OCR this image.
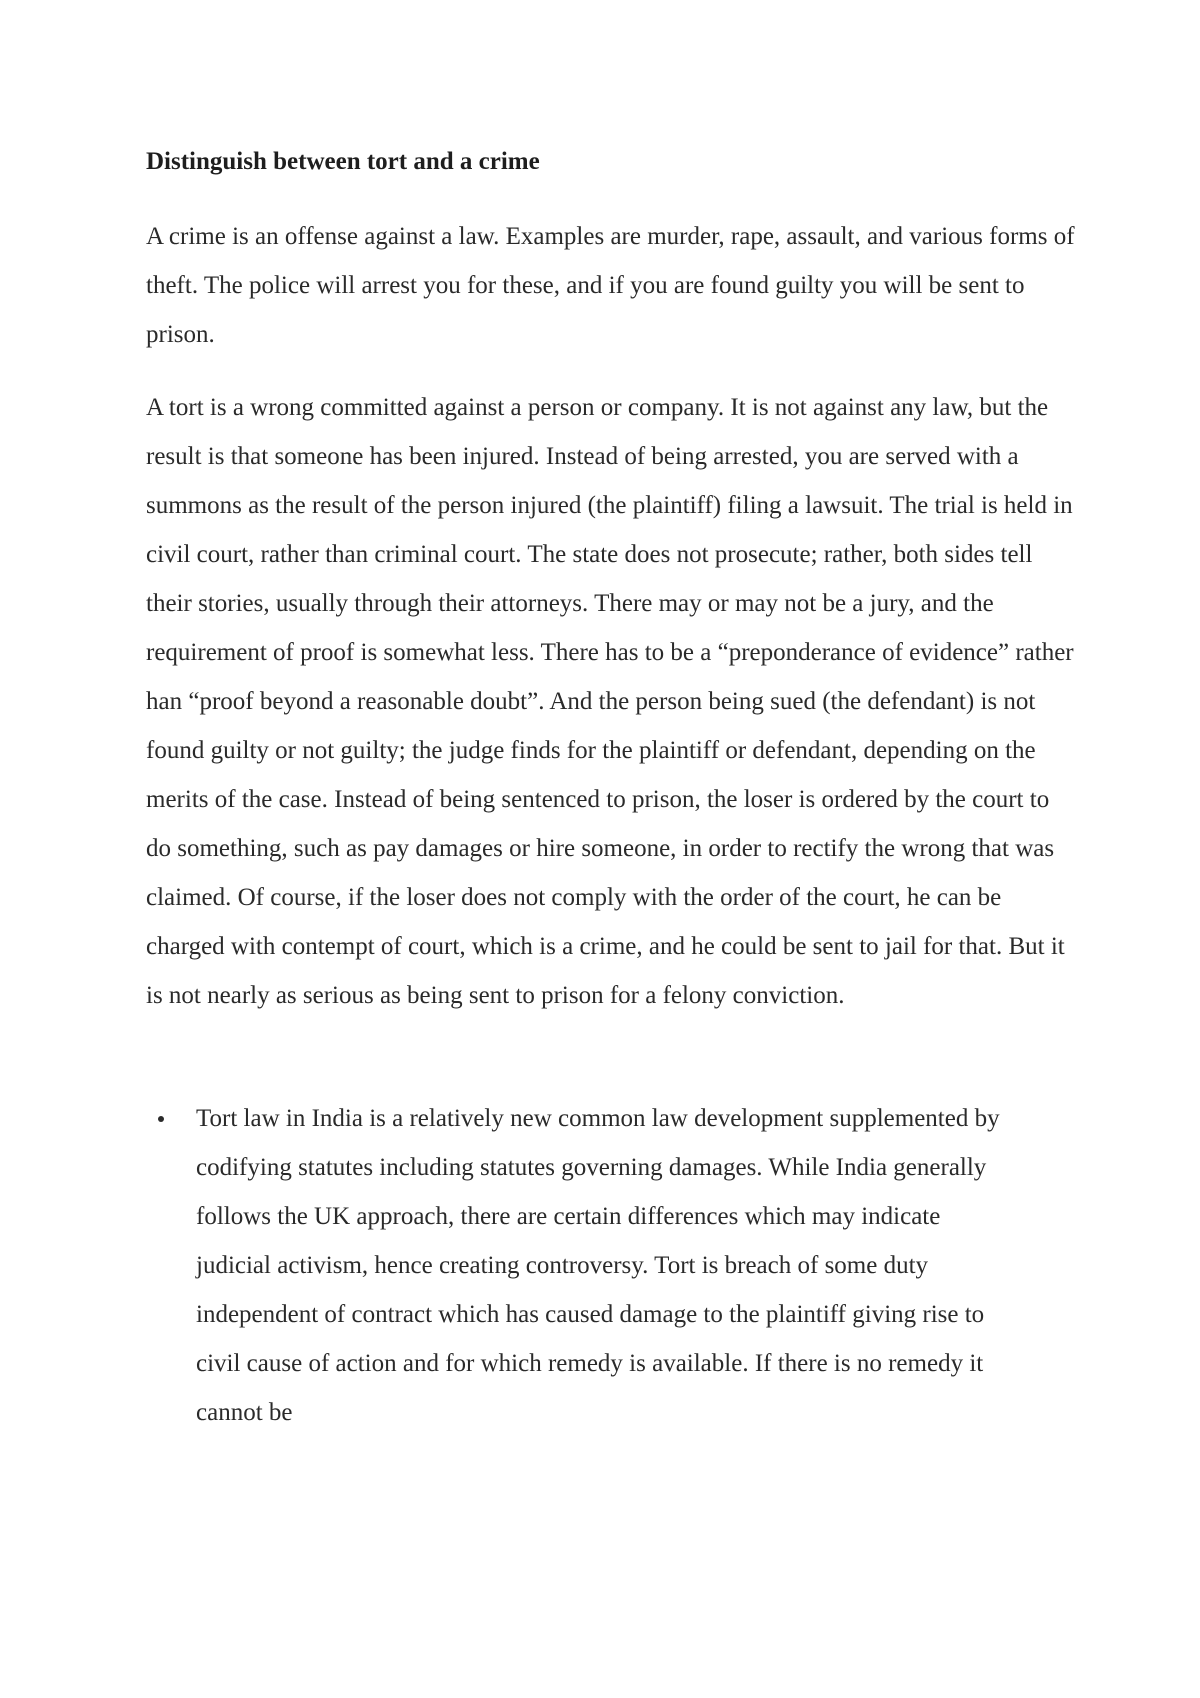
Distinguish between tort and a crime

A crime is an offense against a law. Examples are murder, rape, assault, and various forms of theft. The police will arrest you for these, and if you are found guilty you will be sent to prison.

A tort is a wrong committed against a person or company. It is not against any law, but the result is that someone has been injured. Instead of being arrested, you are served with a summons as the result of the person injured (the plaintiff) filing a lawsuit. The trial is held in civil court, rather than criminal court. The state does not prosecute; rather, both sides tell their stories, usually through their attorneys. There may or may not be a jury, and the requirement of proof is somewhat less. There has to be a “preponderance of evidence” rather han “proof beyond a reasonable doubt”. And the person being sued (the defendant) is not found guilty or not guilty; the judge finds for the plaintiff or defendant, depending on the merits of the case. Instead of being sentenced to prison, the loser is ordered by the court to do something, such as pay damages or hire someone, in order to rectify the wrong that was claimed. Of course, if the loser does not comply with the order of the court, he can be charged with contempt of court, which is a crime, and he could be sent to jail for that. But it is not nearly as serious as being sent to prison for a felony conviction.

Tort law in India is a relatively new common law development supplemented by codifying statutes including statutes governing damages. While India generally follows the UK approach, there are certain differences which may indicate judicial activism, hence creating controversy. Tort is breach of some duty independent of contract which has caused damage to the plaintiff giving rise to civil cause of action and for which remedy is available. If there is no remedy it cannot be
